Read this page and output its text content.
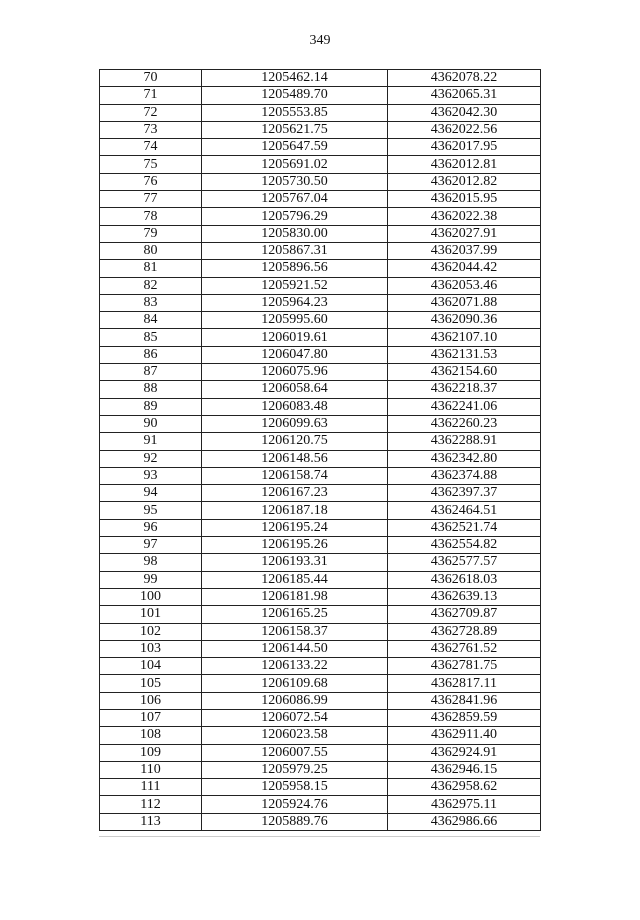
349
70	1205462.14	4362078.22
71	1205489.70	4362065.31
72	1205553.85	4362042.30
73	1205621.75	4362022.56
74	1205647.59	4362017.95
75	1205691.02	4362012.81
76	1205730.50	4362012.82
77	1205767.04	4362015.95
78	1205796.29	4362022.38
79	1205830.00	4362027.91
80	1205867.31	4362037.99
81	1205896.56	4362044.42
82	1205921.52	4362053.46
83	1205964.23	4362071.88
84	1205995.60	4362090.36
85	1206019.61	4362107.10
86	1206047.80	4362131.53
87	1206075.96	4362154.60
88	1206058.64	4362218.37
89	1206083.48	4362241.06
90	1206099.63	4362260.23
91	1206120.75	4362288.91
92	1206148.56	4362342.80
93	1206158.74	4362374.88
94	1206167.23	4362397.37
95	1206187.18	4362464.51
96	1206195.24	4362521.74
97	1206195.26	4362554.82
98	1206193.31	4362577.57
99	1206185.44	4362618.03
100	1206181.98	4362639.13
101	1206165.25	4362709.87
102	1206158.37	4362728.89
103	1206144.50	4362761.52
104	1206133.22	4362781.75
105	1206109.68	4362817.11
106	1206086.99	4362841.96
107	1206072.54	4362859.59
108	1206023.58	4362911.40
109	1206007.55	4362924.91
110	1205979.25	4362946.15
111	1205958.15	4362958.62
112	1205924.76	4362975.11
113	1205889.76	4362986.66
